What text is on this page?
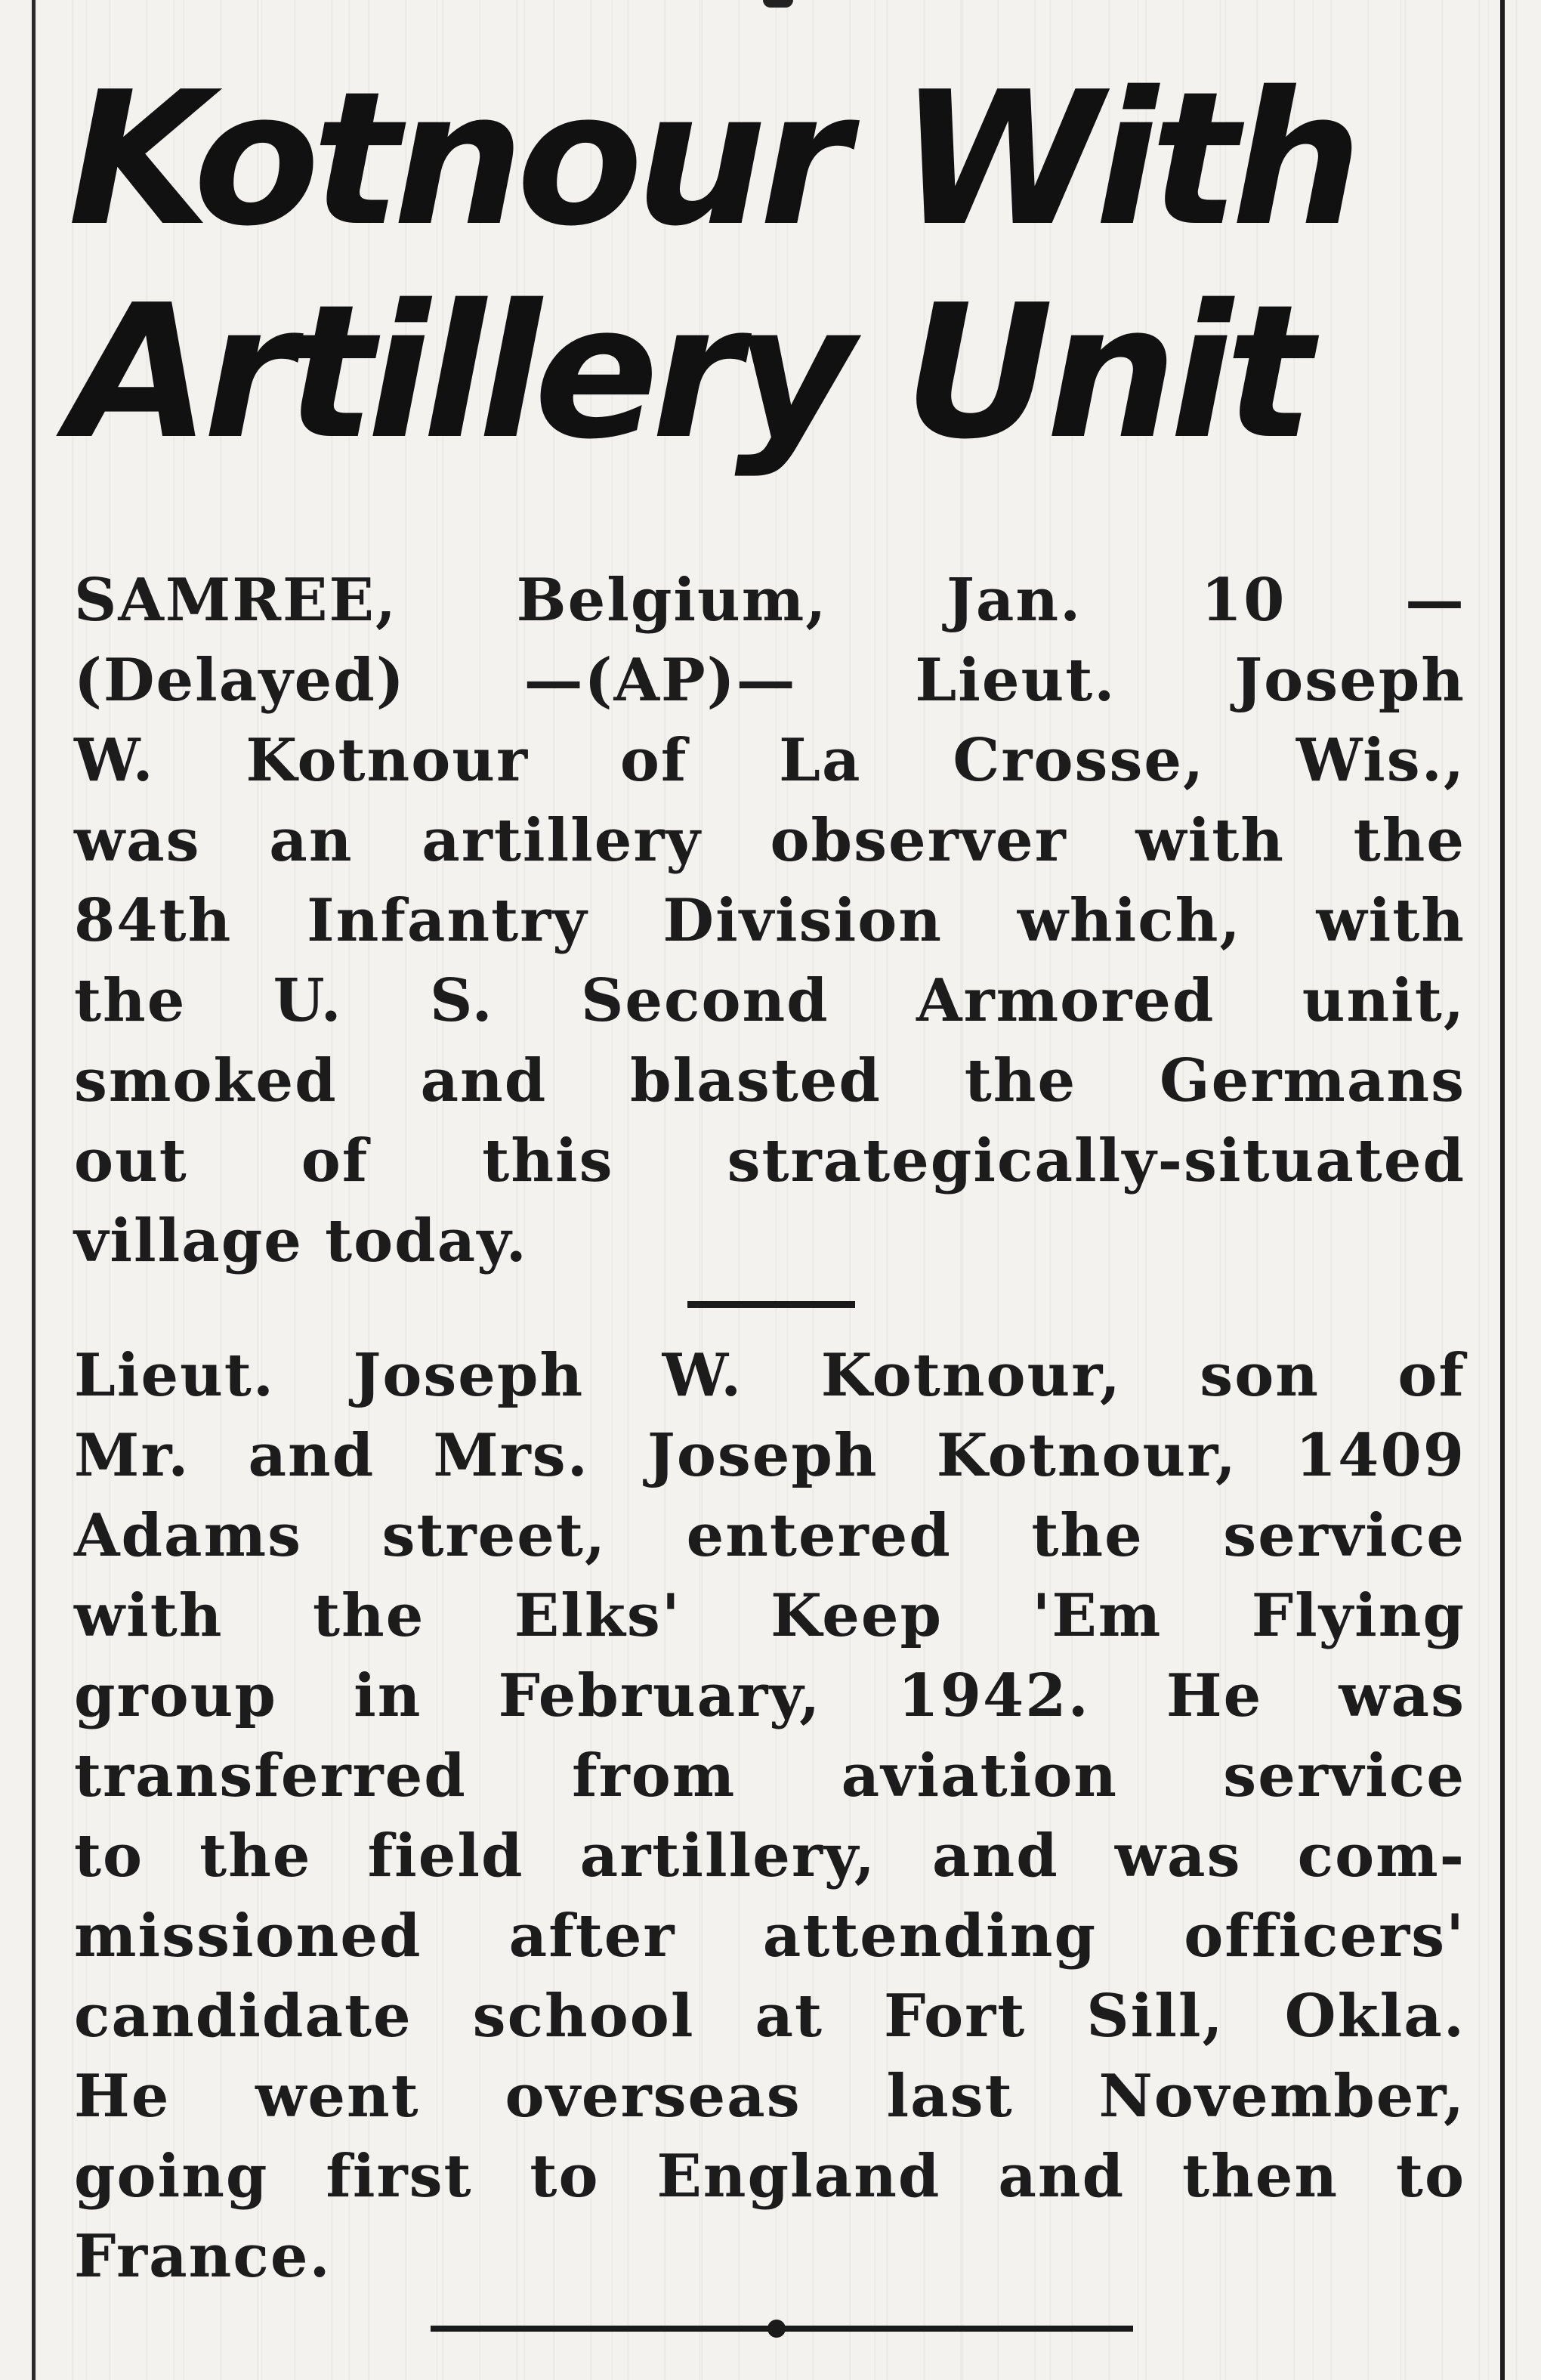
Kotnour With
Artillery Unit

SAMREE, Belgium, Jan. 10 —
(Delayed) —(AP)— Lieut. Joseph
W. Kotnour of La Crosse, Wis.,
was an artillery observer with the
84th Infantry Division which, with
the U. S. Second Armored unit,
smoked and blasted the Germans
out of this strategically-situated
village today.

Lieut. Joseph W. Kotnour, son of
Mr. and Mrs. Joseph Kotnour, 1409
Adams street, entered the service
with the Elks' Keep 'Em Flying
group in February, 1942. He was
transferred from aviation service
to the field artillery, and was com-
missioned after attending officers'
candidate school at Fort Sill, Okla.
He went overseas last November,
going first to England and then to
France.
